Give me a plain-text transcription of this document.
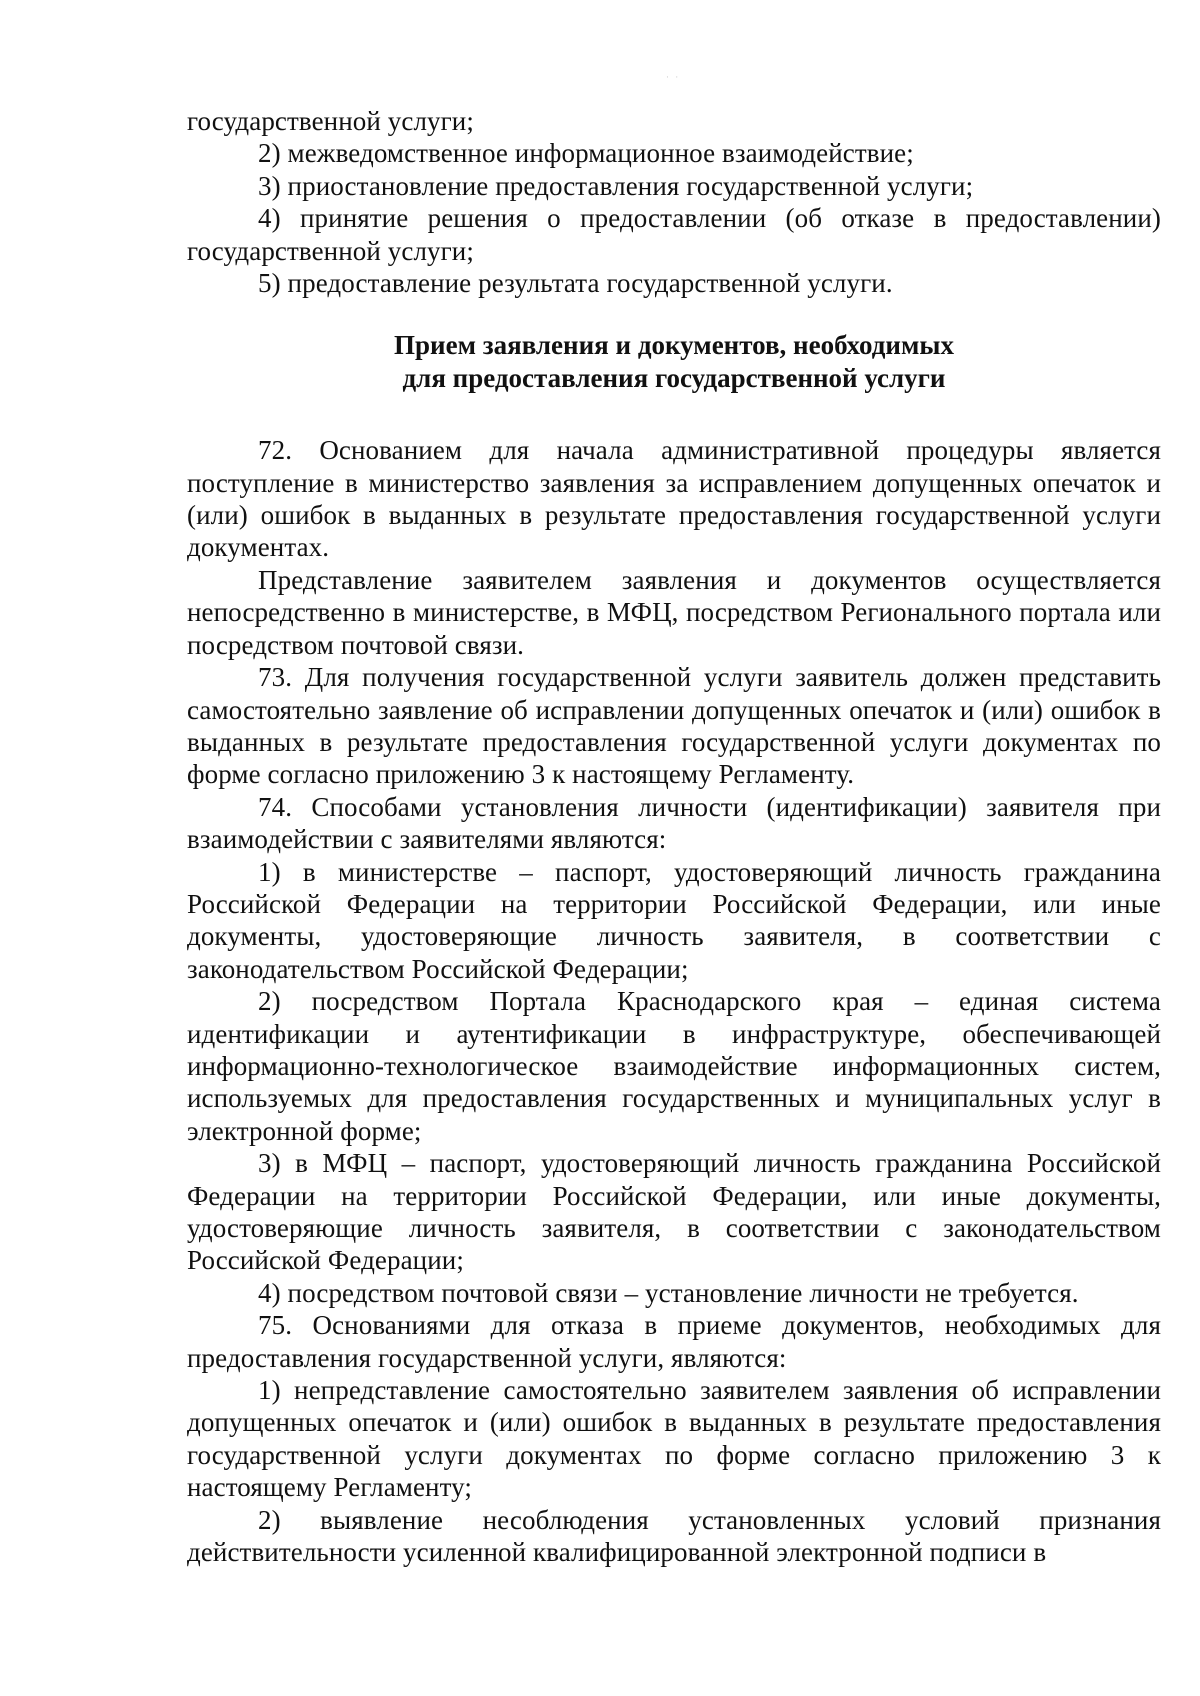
· ·

государственной услуги;

2) межведомственное информационное взаимодействие;

3) приостановление предоставления государственной услуги;

4) принятие решения о предоставлении (об отказе в предоставлении) государственной услуги;

5) предоставление результата государственной услуги.

Прием заявления и документов, необходимых
для предоставления государственной услуги

72. Основанием для начала административной процедуры является поступление в министерство заявления за исправлением допущенных опечаток и (или) ошибок в выданных в результате предоставления государственной услуги документах.

Представление заявителем заявления и документов осуществляется непосредственно в министерстве, в МФЦ, посредством Регионального портала или посредством почтовой связи.

73. Для получения государственной услуги заявитель должен представить самостоятельно заявление об исправлении допущенных опечаток и (или) ошибок в выданных в результате предоставления государственной услуги документах по форме согласно приложению 3 к настоящему Регламенту.

74. Способами установления личности (идентификации) заявителя при взаимодействии с заявителями являются:

1) в министерстве – паспорт, удостоверяющий личность гражданина Российской Федерации на территории Российской Федерации, или иные документы, удостоверяющие личность заявителя, в соответствии с законодательством Российской Федерации;

2) посредством Портала Краснодарского края – единая система идентификации и аутентификации в инфраструктуре, обеспечивающей информационно-технологическое взаимодействие информационных систем, используемых для предоставления государственных и муниципальных услуг в электронной форме;

3) в МФЦ – паспорт, удостоверяющий личность гражданина Российской Федерации на территории Российской Федерации, или иные документы, удостоверяющие личность заявителя, в соответствии с законодательством Российской Федерации;

4) посредством почтовой связи – установление личности не требуется.

75. Основаниями для отказа в приеме документов, необходимых для предоставления государственной услуги, являются:

1) непредставление самостоятельно заявителем заявления об исправлении допущенных опечаток и (или) ошибок в выданных в результате предоставления государственной услуги документах по форме согласно приложению 3 к настоящему Регламенту;

2) выявление несоблюдения установленных условий признания действительности усиленной квалифицированной электронной подписи в
